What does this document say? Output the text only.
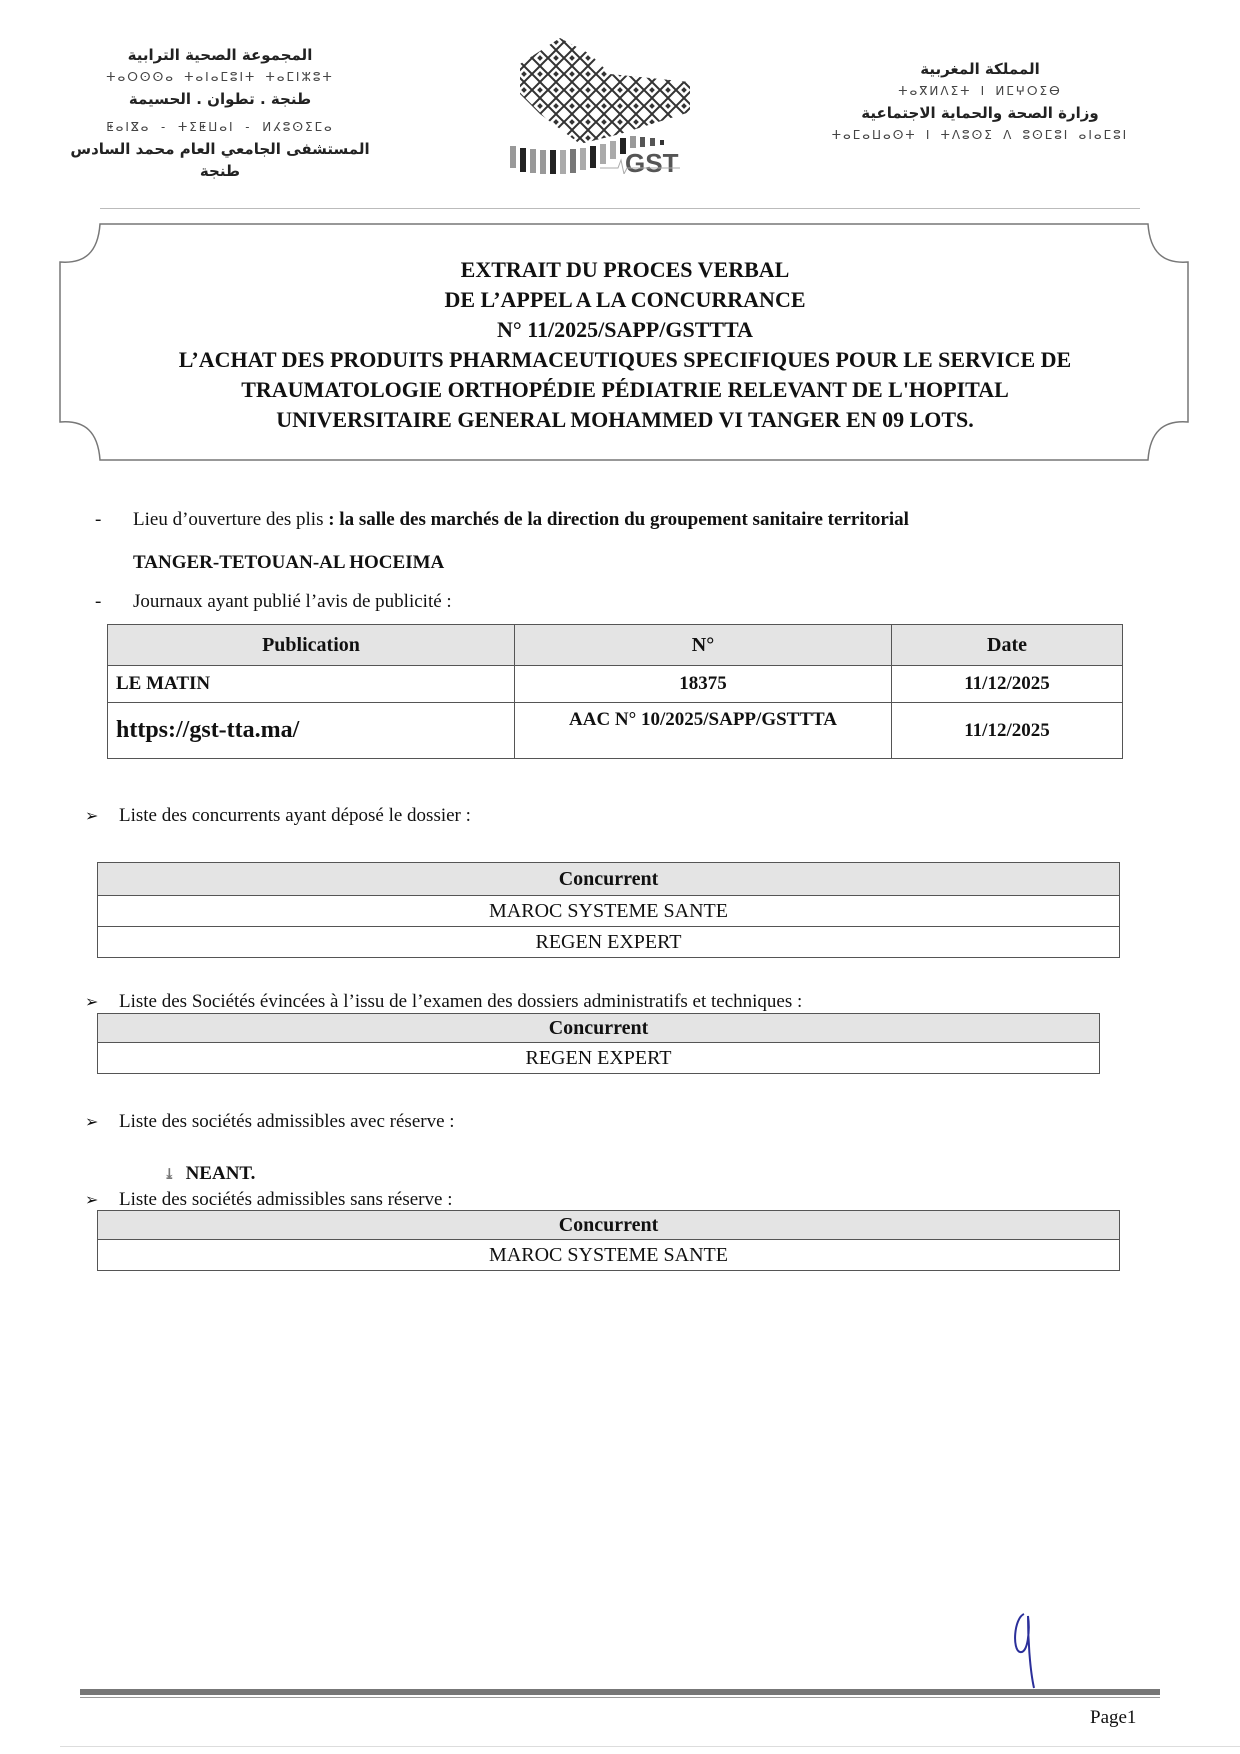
المجموعة الصحية الترابية
ⵜⴰⵔⵙⵙⴰ ⵜⴰⵏⴰⵎⵓⵏⵜ ⵜⴰⵎⵏⵣⵓⵜ
طنجة . تطوان . الحسيمة
ⵟⴰⵏⴵⴰ - ⵜⵉⵟⵡⴰⵏ - ⵍⵃⵓⵙⵉⵎⴰ
المستشفى الجامعي العام محمد السادس طنجة	GST
المملكة المغربية
ⵜⴰⴳⵍⴷⵉⵜ ⵏ ⵍⵎⵖⵔⵉⴱ
وزارة الصحة والحماية الاجتماعية
ⵜⴰⵎⴰⵡⴰⵙⵜ ⵏ ⵜⴷⵓⵙⵉ ⴷ ⵓⵙⵎⵓⵏ ⴰⵏⴰⵎⵓⵏ
EXTRAIT DU PROCES VERBAL
DE L’APPEL A LA CONCURRANCE
N° 11/2025/SAPP/GSTTTA
L’ACHAT DES PRODUITS PHARMACEUTIQUES SPECIFIQUES POUR LE SERVICE DE
TRAUMATOLOGIE ORTHOPÉDIE PÉDIATRIE RELEVANT DE L'HOPITAL
UNIVERSITAIRE GENERAL MOHAMMED VI TANGER EN 09 LOTS.
- Lieu d’ouverture des plis : la salle des marchés de la direction du groupement sanitaire territorial
TANGER-TETOUAN-AL HOCEIMA
- Journaux ayant publié l’avis de publicité :
Publication	N°	Date
LE MATIN	18375	11/12/2025
https://gst-tta.ma/	AAC N° 10/2025/SAPP/GSTTTA	11/12/2025
➢ Liste des concurrents ayant déposé le dossier :
Concurrent
MAROC SYSTEME SANTE
REGEN EXPERT
➢ Liste des Sociétés évincées à l’issu de l’examen des dossiers administratifs et techniques :
Concurrent
REGEN EXPERT
➢ Liste des sociétés admissibles avec réserve :
⤓ NEANT.
➢ Liste des sociétés admissibles sans réserve :
Concurrent
MAROC SYSTEME SANTE
Page1
